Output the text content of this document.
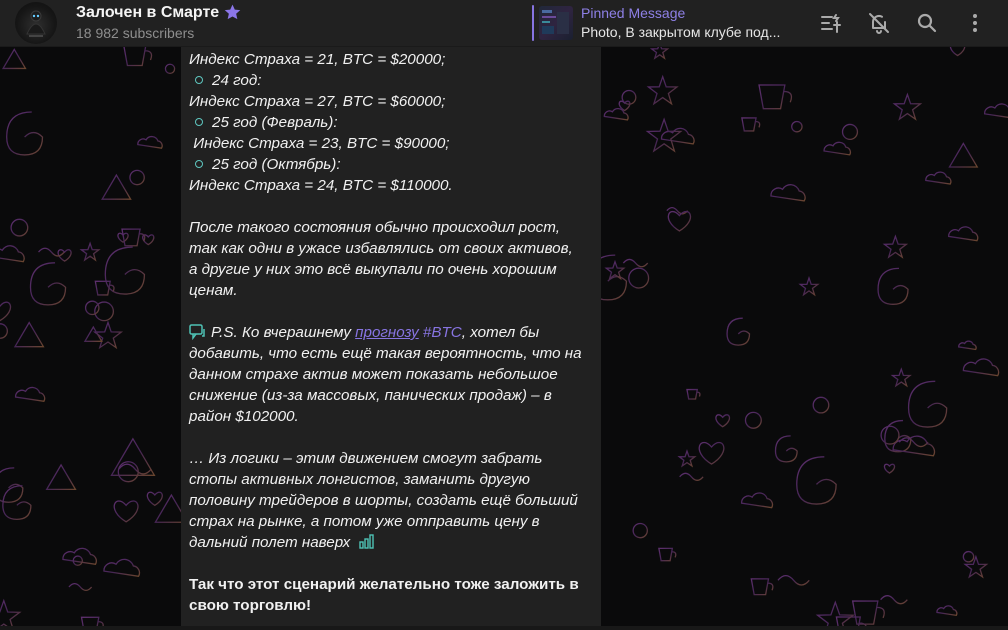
Залочен в Смарте
18 982 subscribers
Pinned Message
Photo, В закрытом клубе под...
Индекс Страха = 21, BTC = $20000;
24 год:
Индекс Страха = 27, BTC = $60000;
25 год (Февраль):
Индекс Страха = 23, BTC = $90000;
25 год (Октябрь):
Индекс Страха = 24, BTC = $110000.
После такого состояния обычно происходил рост,
так как одни в ужасе избавлялись от своих активов,
а другие у них это всё выкупали по очень хорошим
ценам.
P.S. Ко вчерашнему прогнозу #BTC, хотел бы
добавить, что есть ещё такая вероятность, что на
данном страхе актив может показать небольшое
снижение (из-за массовых, панических продаж) – в
район $102000.
… Из логики – этим движением смогут забрать
стопы активных лонгистов, заманить другую
половину трейдеров в шорты, создать ещё больший
страх на рынке, а потом уже отправить цену в
дальний полет наверх
Так что этот сценарий желательно тоже заложить в
свою торговлю!
